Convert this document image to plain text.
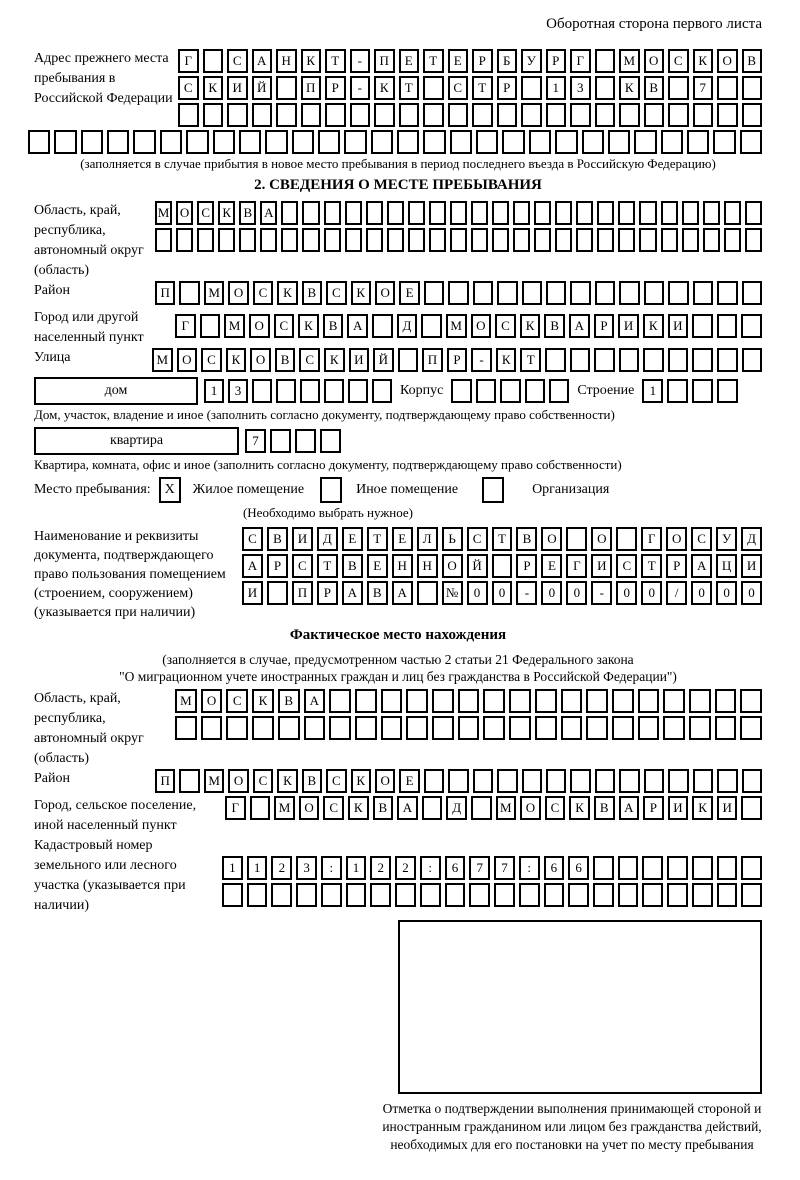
Оборотная сторона первого листа
Адрес прежнего места пребывания в Российской Федерации
Г	С	А	Н	К	Т	-	П	Е	Т	Е	Р	Б	У	Р	Г	М	О	С	К	О	В
С	К	И	Й	П	Р	-	К	Т	С	Т	Р	1	3	К	В	7
(заполняется в случае прибытия в новое место пребывания в период последнего въезда в Российскую Федерацию)
2. СВЕДЕНИЯ О МЕСТЕ ПРЕБЫВАНИЯ
Область, край, республика, автономный округ (область)
М О С К В А
Район	П	М	О	С	К	В	С	К	О	Е
Город или другой населенный пункт
Г	М	О	С	К	В	А	Д	М	О	С	К	В	А	Р	И	К	И
Улица	М	О	С	К	О	В	С	К	И	Й	П	Р	-	К	Т
дом	1	3	Корпус	Строение	1
Дом, участок, владение и иное (заполнить согласно документу, подтверждающему право собственности)
квартира	7
Квартира, комната, офис и иное (заполнить согласно документу, подтверждающему право собственности)
Место пребывания: X	Жилое помещение	Иное помещение	Организация
(Необходимо выбрать нужное)
Наименование и реквизиты документа, подтверждающего право пользования помещением (строением, сооружением) (указывается при наличии)
С	В	И	Д	Е	Т	Е	Л	Ь	С	Т	В	О	О	Г	О	С	У	Д
А	Р	С	Т	В	Е	Н	Н	О	Й	Р	Е	Г	И	С	Т	Р	А	Ц	И
И	П	Р	А	В	А	№	0	0	-	0	0	-	0	0	/	0	0	0
Фактическое место нахождения
(заполняется в случае, предусмотренном частью 2 статьи 21 Федерального закона
"О миграционном учете иностранных граждан и лиц без гражданства в Российской Федерации")
Область, край, республика, автономный округ (область)
М	О	С	К	В	А
Район	П	М	О	С	К	В	С	К	О	Е
Город, сельское поселение, иной населенный пункт
Г	М	О	С	К	В	А	Д	М	О	С	К	В	А	Р	И	К	И
Кадастровый номер земельного или лесного участка (указывается при наличии)
1	1	2	3	:	1	2	2	:	6	7	7	:	6	6
Отметка о подтверждении выполнения принимающей стороной и иностранным гражданином или лицом без гражданства действий, необходимых для его постановки на учет по месту пребывания
